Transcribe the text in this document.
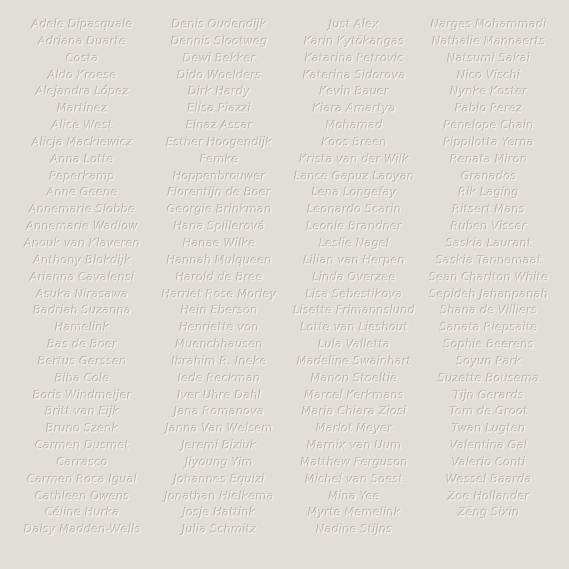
Adele Dipasquale
Adriana Duarte
Costa
Aldo Kroese
Alejandra López
Martinez
Alice West
Alicja Mackiewicz
Anna Lotte
Peperkamp
Anne Geene
Annemarie Slobbe
Annemarie Wadlow
Anouk van Klaveren
Anthony Blokdijk
Arianna Cavalensi
Asuka Nirasawa
Badriah Suzanna
Hamelink
Bas de Boer
Bertus Gerssen
Biba Cole
Boris Windmeijer
Britt van Eijk
Bruno Szenk
Carmen Dusmet
Carrasco
Carmen Roca Igual
Cathleen Owens
Céline Hurka
Daisy Madden-Wells
Denis Oudendijk
Dennis Slootweg
Dewi Bekker
Dido Woelders
Dirk Hardy
Elisa Piazzi
Elnaz Assar
Esther Hoogendijk
Femke
Hoppenbrouwer
Florentijn de Boer
Georgie Brinkman
Hana Spillerová
Hanae Wilke
Hannah Mulqueen
Harold de Bree
Harriet Rose Morley
Hein Eberson
Henriette von
Muenchhausen
Ibrahim R. Ineke
Iede Reckman
Iver Uhre Dahl
Jana Romanova
Janna Van Welsem
Jeremi Biziuk
Jiyoung Yim
Johannes Equizi
Jonathan Hielkema
Josje Hattink
Julia Schmitz
Just Alex
Karin Kytökangas
Katarina Petrovic
Katerina Sidorova
Kevin Bauer
Kiara Amartya
Mohamad
Koos Breen
Krista van der Wilk
Lance Gapuz Laoyan
Lena Longefay
Leonardo Scarin
Leonie Brandner
Leslie Nagel
Lilian van Herpen
Linda Overzee
Lisa Sebestikova
Lisette Frimannslund
Lotte van Lieshout
Lula Valletta
Madeline Swainhart
Manon Stoeltie
Marcel Kerkmans
Maria Chiara Ziosi
Marlot Meyer
Marnix van Uum
Matthew Ferguson
Michel van Soest
Mina Yee
Myrte Memelink
Nadine Stijns
Narges Mohammadi
Nathalie Mannaerts
Natsumi Sakai
Nico Vischi
Nynke Koster
Pablo Perez
Penelope Chain
Pippilotta Yerna
Renata Miron
Granados
Rik Laging
Ritsert Mans
Ruben Visser
Saskia Laurant
Saskia Tannemaat
Sean Charlton White
Sepideh Jahanpanah
Shana de Villiers
Sanata Riepsaite
Sophie Beerens
Soyun Park
Suzette Bousema
Tijn Gerards
Tom de Groot
Twan Lugten
Valentina Gal
Valerio Conti
Wessel Baarda
Zoe Hollander
Zēng Sixin
